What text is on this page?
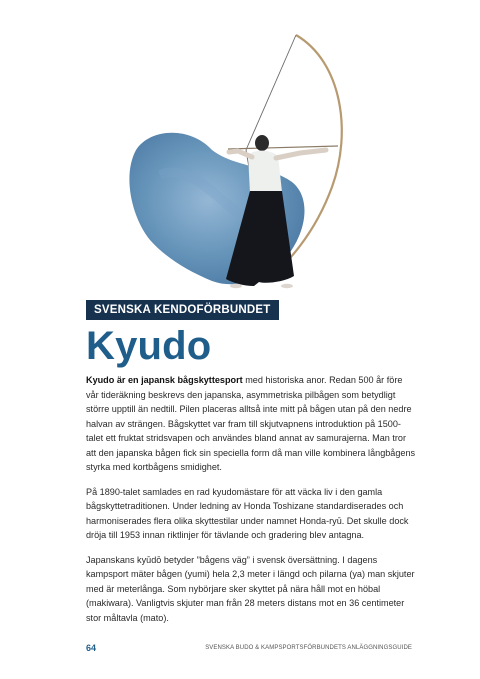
SVENSKA KENDOFÖRBUNDET
Kyudo

Kyudo är en japansk bågskyttesport med historiska anor. Redan 500 år före vår tideräkning beskrevs den japanska, asymmetriska pilbågen som betydligt större upptill än nedtill. Pilen placeras alltså inte mitt på bågen utan på den nedre halvan av strängen. Bågskyttet var fram till skjutvapnens introduktion på 1500-talet ett fruktat stridsvapen och användes bland annat av samurajerna. Man tror att den japanska bågen fick sin speciella form då man ville kombinera långbågens styrka med kortbågens smidighet.

På 1890-talet samlades en rad kyudomästare för att väcka liv i den gamla bågskyttetraditionen. Under ledning av Honda Toshizane standardiserades och harmoniserades flera olika skyttestilar under namnet Honda-ryū. Det skulle dock dröja till 1953 innan riktlinjer för tävlande och gradering blev antagna.

Japanskans kyūdō betyder ”bågens väg” i svensk översättning. I dagens kampsport mäter bågen (yumi) hela 2,3 meter i längd och pilarna (ya) man skjuter med är meterlånga. Som nybörjare sker skyttet på nära håll mot en höbal (makiwara). Vanligtvis skjuter man från 28 meters distans mot en 36 centimeter stor måltavla (mato).

64	SVENSKA BUDO & KAMPSPORTSFÖRBUNDETS ANLÄGGNINGSGUIDE
